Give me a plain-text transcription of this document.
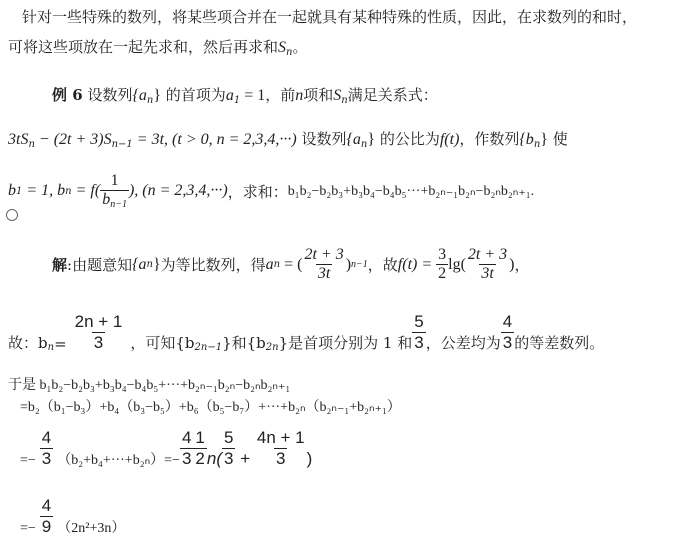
针对一些特殊的数列，将某些项合并在一起就具有某种特殊的性质，因此，在求数列的和时，
可将这些项放在一起先求和，然后再求和$S_n$。
例 6 设数列$\{a_n\}$ 的首项为$a_1 = 1$，前n项和$S_n$满足关系式：
$3tS_n - (2t + 3)S_{n-1} = 3t$, (t > 0, n = 2,3,4,···) 设数列$\{a_n\}$ 的公比为f(t)，作数列$\{b_n\}$ 使
b 1 = 1, b $n = f( \frac{1}{b_{n-1}}$ ), (n = 2,3,4,···) ，求和： b₁b₂−b₂b₃+b₃b₄−b₄b₅···+b₂ₙ₋₁b₂ₙ−b₂ₙb₂ₙ₊₁.
解 :由题意知 {a n } 为等比数列，得 a n = ( $\frac{2t + 3}{3t}$ ) n−1 ，故 $f(t) = \frac{3}{2} \lg( \frac{2t + 3}{3t}$ ) ，
故：b $n = \frac{2n + 1}{3}$ ，可知{b 2n−1 }和{b 2n }是首项分别为 1 和 $\frac{5}{3}$ ，公差均为 $\frac{4}{3}$ 的等差数列。
于是 b₁b₂−b₂b₃+b₃b₄−b₄b₅+···+b₂ₙ₋₁b₂ₙ−b₂ₙb₂ₙ₊₁
=b₂（b₁−b₃）+b₄（b₃−b₅）+b₆（b₅−b₇）+···+b₂ₙ（b₂ₙ₋₁+b₂ₙ₊₁）
=− $\frac{4}{3} (b_2+b_4+\cdot\cdot\cdot+b_{2n})=- \frac{4}{3} \frac{1}{2} n( \frac{5}{3} + \frac{4n + 1}{3}$ )
=− $\frac{4}{9} (2n^2+3n)$
